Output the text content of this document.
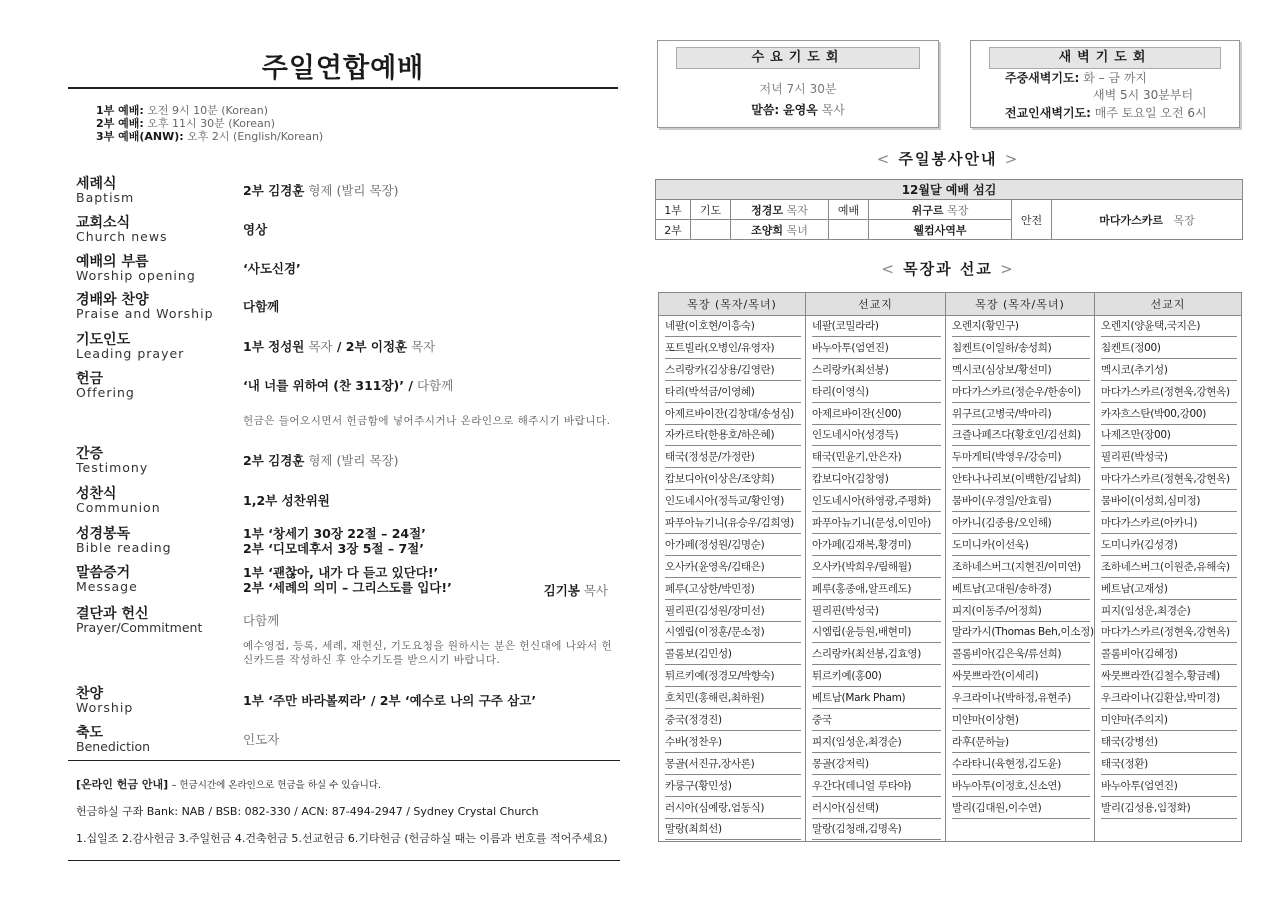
주일연합예배
1부 예배: 오전 9시 10분 (Korean)
2부 예배: 오후 11시 30분 (Korean)
3부 예배(ANW): 오후 2시 (English/Korean)
세례식
Baptism	2부 김경훈 형제 (발리 목장)
교회소식
Church news	영상
예배의 부름
Worship opening	‘사도신경’
경배와 찬양
Praise and Worship 다함께
기도인도
Leading prayer	1부 정성원 목자 / 2부 이정훈 목자
헌금
Offering	‘내 너를 위하여 (찬 311장)’ / 다함께
헌금은 들어오시면서 헌금함에 넣어주시거나 온라인으로 해주시기 바랍니다.
간증
Testimony	2부 김경훈 형제 (발리 목장)
성찬식
Communion	1,2부 성찬위원
성경봉독
Bible reading
1부 ‘창세기 30장 22절 – 24절’
2부 ‘디모데후서 3장 5절 – 7절’
말씀증거
Message
1부 ‘괜찮아, 내가 다 듣고 있단다!’
2부 ‘세례의 의미 – 그리스도를 입다!’	김기봉 목사
결단과 헌신
Prayer/Commitment	다함께
예수영접, 등록, 세례, 재헌신, 기도요청을 원하시는 분은 헌신대에 나와서 헌신카드를 작성하신 후 안수기도를 받으시기 바랍니다.
찬양
Worship	1부 ‘주만 바라볼찌라’ / 2부 ‘예수로 나의 구주 삼고’
축도
Benediction	인도자
[온라인 헌금 안내] – 헌금시간에 온라인으로 헌금을 하실 수 있습니다.
헌금하실 구좌 Bank: NAB / BSB: 082-330 / ACN: 87-494-2947 / Sydney Crystal Church
1.십일조 2.감사헌금 3.주일헌금 4.건축헌금 5.선교헌금 6.기타헌금 (헌금하실 때는 이름과 번호를 적어주세요)
수요기도회
저녁 7시 30분
말씀: 윤영옥 목사
새벽기도회
주중새벽기도: 화 – 금 까지
새벽 5시 30분부터
전교인새벽기도: 매주 토요일 오전 6시
< 주일봉사안내 >
12월달 예배 섬김						
1부	기도	정경모 목자	예배	위구르 목장	안전	마다가스카르 목장
2부		조양희 목녀		웰컴사역부		
< 목장과 선교 >
목장 (목자/목녀)	선교지	목장 (목자/목녀)	선교지

네팔(이호현/이흥숙)	네팔(코밀라라)	오렌지(황민구)	오렌지(양윤택,국지은)

포트빌라(오병인/유영자)	바누아투(엄연진)	침켄트(이일하/송성희)	침켄트(정00)

스리랑카(김상용/김영란)	스리랑카(최선봉)	멕시코(심상보/황선미)	멕시코(추기성)

타리(박석금/이영혜)	타리(이영식)	마다가스카르(정순우/한송이)	마다가스카르(정현욱,강현옥)

아제르바이잔(김창대/송성심)	아제르바이잔(신00)	위구르(고병국/박마리)	카자흐스탄(박00,강00)

자카르타(한용호/하은혜)	인도네시아(성경득)	크즐나페즈다(황호인/김선희)	나제즈만(장00)

태국(정성문/가정란)	태국(민윤기,안은자)	두마게티(박영우/강승미)	필리핀(박성국)

캄보디아(이상은/조양희)	캄보디아(김창영)	안타나나리보(이백한/김남희)	마다가스카르(정현욱,강현옥)

인도네시아(정득교/황인영)	인도네시아(하영광,주평화)	뭄바이(우경일/안효림)	뭄바이(이성희,심미정)

파푸아뉴기니(유승우/김희영)	파푸아뉴기니(문성,이민아)	아카니(김종용/오인해)	마다가스카르(아카니)

아가페(정성원/김명순)	아가페(김재복,황경미)	도미니카(이선욱)	도미니카(김성경)

오사카(윤영옥/김태은)	오사카(박희우/림해월)	조하네스버그(지현진/이미연)	조하네스버그(이원준,유해숙)

페루(고상한/박민정)	페루(홍종애,알프레도)	베트남(고대원/송하경)	베트남(고재성)

필리핀(김성원/장미선)	필리핀(박성국)	피지(이동주/어정희)	피지(임성운,최경순)

시엠립(이정훈/문소정)	시엠립(윤등원,배현미)	말라가시(Thomas Beh,이소정)	마다가스카르(정현욱,강현옥)

콜롬보(김민성)	스리랑카(최선봉,김효영)	콜롬비아(김은욱/류선희)	콜롬비아(김혜정)

튀르키예(정경모/박향숙)	튀르키예(홍00)	싸뭇쁘라깐(이세리)	싸뭇쁘라깐(김철수,황금례)

호치민(홍해린,최하원)	베트남(Mark Pham)	우크라이나(박하정,유현주)	우크라이나(김환삼,박미경)

중국(정경진)	중국	미얀마(이상현)	미얀마(주의지)

수바(정찬우)	피지(임성운,최경순)	라후(문하늘)	태국(강병선)

몽골(서진규,장사론)	몽골(강저릭)	수라타니(육현정,김도윤)	태국(정환)

카룽구(황민성)	우간다(데니얼 루타야)	바누아투(이정호,신소연)	바누아투(엄연진)

러시아(심예랑,엄동식)	러시아(심선택)	발리(김대원,이수연)	발리(김성용,임정화)

말랑(최희선)	말랑(김청래,김명옥)		
